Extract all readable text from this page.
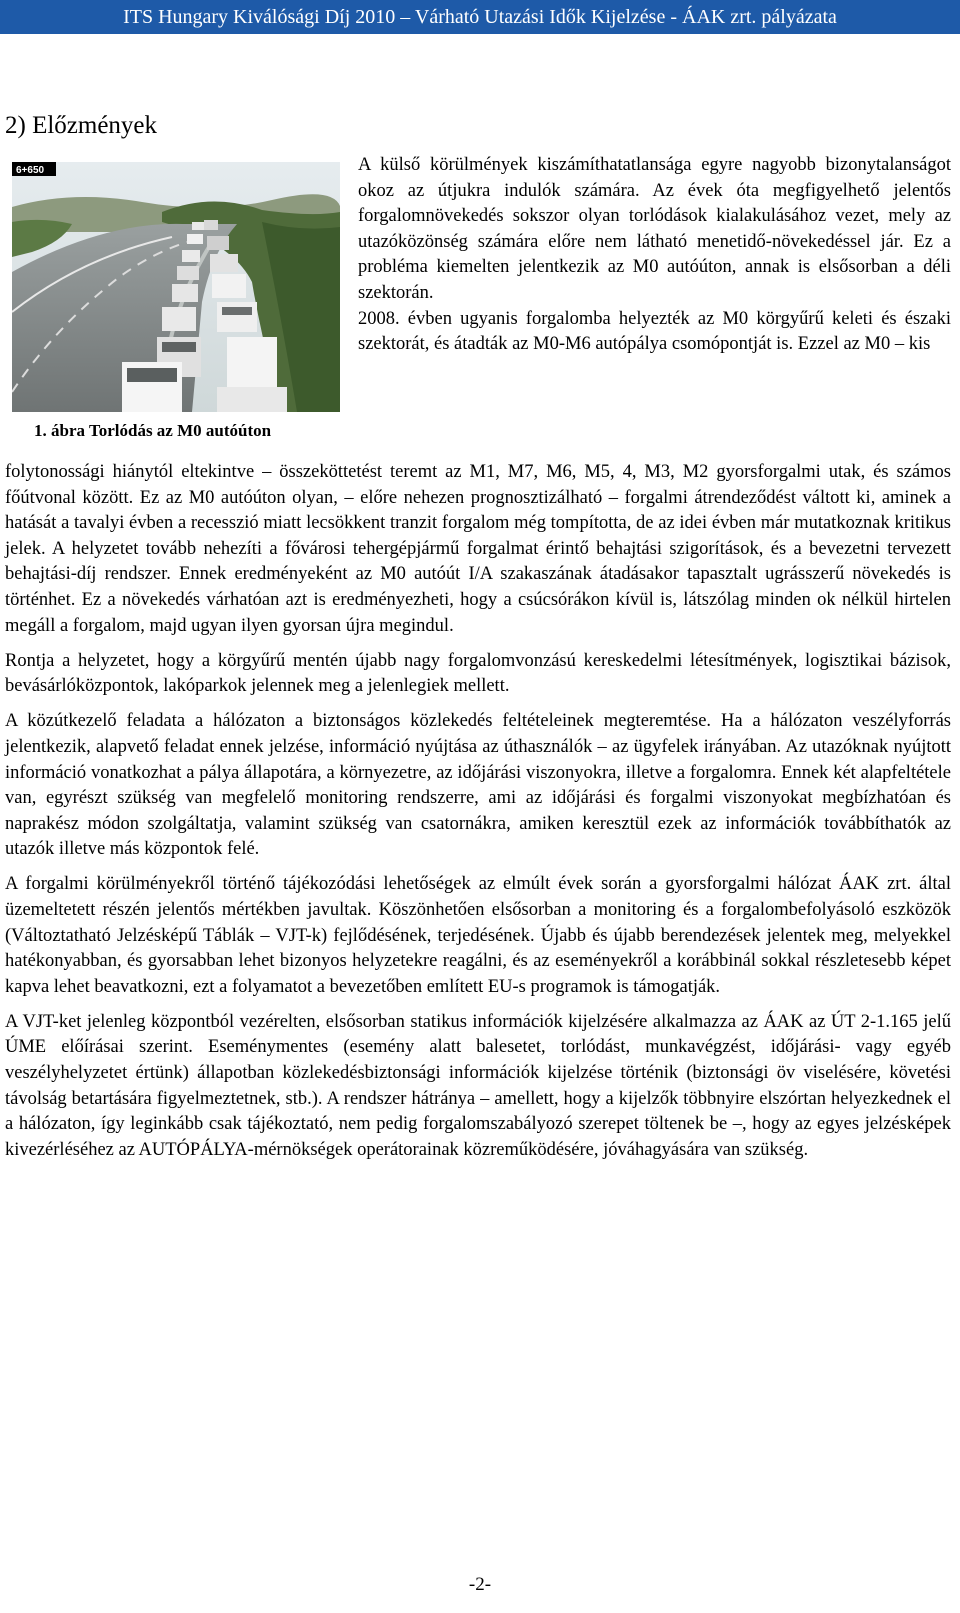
ITS Hungary Kiválósági Díj 2010 – Várható Utazási Idők Kijelzése - ÁAK zrt. pályázata
2) Előzmények
6+650
1. ábra Torlódás az M0 autóúton

A külső körülmények kiszámíthatatlansága egyre nagyobb bizonytalanságot okoz az útjukra indulók számára. Az évek óta megfigyelhető jelentős forgalomnövekedés sokszor olyan torlódások kialakulásához vezet, mely az utazóközönség számára előre nem látható menetidő-növekedéssel jár. Ez a probléma kiemelten jelentkezik az M0 autóúton, annak is elsősorban a déli szektorán.

2008. évben ugyanis forgalomba helyezték az M0 körgyűrű keleti és északi szektorát, és átadták az M0-M6 autópálya csomópontját is. Ezzel az M0 – kis

folytonossági hiánytól eltekintve – összeköttetést teremt az M1, M7, M6, M5, 4, M3, M2 gyorsforgalmi utak, és számos főútvonal között. Ez az M0 autóúton olyan, – előre nehezen prognosztizálható – forgalmi átrendeződést váltott ki, aminek a hatását a tavalyi évben a recesszió miatt lecsökkent tranzit forgalom még tompította, de az idei évben már mutatkoznak kritikus jelek. A helyzetet tovább nehezíti a fővárosi tehergépjármű forgalmat érintő behajtási szigorítások, és a bevezetni tervezett behajtási-díj rendszer. Ennek eredményeként az M0 autóút I/A szakaszának átadásakor tapasztalt ugrásszerű növekedés is történhet. Ez a növekedés várhatóan azt is eredményezheti, hogy a csúcsórákon kívül is, látszólag minden ok nélkül hirtelen megáll a forgalom, majd ugyan ilyen gyorsan újra megindul.

Rontja a helyzetet, hogy a körgyűrű mentén újabb nagy forgalomvonzású kereskedelmi létesítmények, logisztikai bázisok, bevásárlóközpontok, lakóparkok jelennek meg a jelenlegiek mellett.

A közútkezelő feladata a hálózaton a biztonságos közlekedés feltételeinek megteremtése. Ha a hálózaton veszélyforrás jelentkezik, alapvető feladat ennek jelzése, információ nyújtása az úthasználók – az ügyfelek irányában. Az utazóknak nyújtott információ vonatkozhat a pálya állapotára, a környezetre, az időjárási viszonyokra, illetve a forgalomra. Ennek két alapfeltétele van, egyrészt szükség van megfelelő monitoring rendszerre, ami az időjárási és forgalmi viszonyokat megbízhatóan és naprakész módon szolgáltatja, valamint szükség van csatornákra, amiken keresztül ezek az információk továbbíthatók az utazók illetve más központok felé.

A forgalmi körülményekről történő tájékozódási lehetőségek az elmúlt évek során a gyorsforgalmi hálózat ÁAK zrt. által üzemeltetett részén jelentős mértékben javultak. Köszönhetően elsősorban a monitoring és a forgalombefolyásoló eszközök (Változtatható Jelzésképű Táblák – VJT-k) fejlődésének, terjedésének. Újabb és újabb berendezések jelentek meg, melyekkel hatékonyabban, és gyorsabban lehet bizonyos helyzetekre reagálni, és az eseményekről a korábbinál sokkal részletesebb képet kapva lehet beavatkozni, ezt a folyamatot a bevezetőben említett EU-s programok is támogatják.

A VJT-ket jelenleg központból vezérelten, elsősorban statikus információk kijelzésére alkalmazza az ÁAK az ÚT 2-1.165 jelű ÚME előírásai szerint. Eseménymentes (esemény alatt balesetet, torlódást, munkavégzést, időjárási- vagy egyéb veszélyhelyzetet értünk) állapotban közlekedésbiztonsági információk kijelzése történik (biztonsági öv viselésére, követési távolság betartására figyelmeztetnek, stb.). A rendszer hátránya – amellett, hogy a kijelzők többnyire elszórtan helyezkednek el a hálózaton, így leginkább csak tájékoztató, nem pedig forgalomszabályozó szerepet töltenek be –, hogy az egyes jelzésképek kivezérléséhez az AUTÓPÁLYA-mérnökségek operátorainak közreműködésére, jóváhagyására van szükség.

-2-
